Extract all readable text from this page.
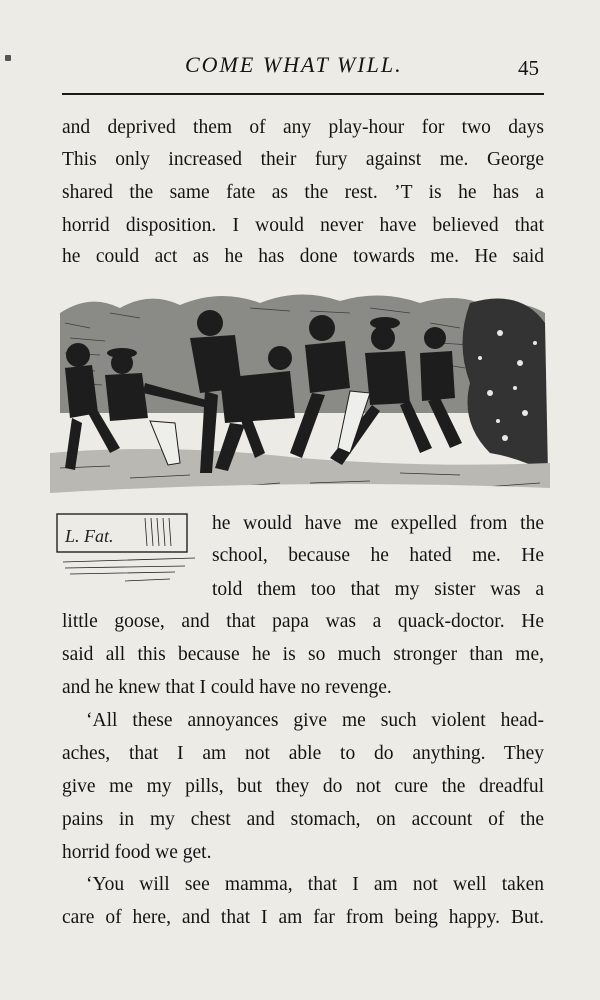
COME WHAT WILL.	45
and deprived them of any play-hour for two days
This only increased their fury against me. George
shared the same fate as the rest. ’T is he has a
horrid disposition. I would never have believed that
he could act as he has done towards me. He said
L. Fat.
he would have me expelled from the
school, because he hated me. He
told them too that my sister was a
little goose, and that papa was a quack-doctor. He
said all this because he is so much stronger than me,
and he knew that I could have no revenge.
‘All these annoyances give me such violent head-
aches, that I am not able to do anything. They
give me my pills, but they do not cure the dreadful
pains in my chest and stomach, on account of the
horrid food we get.
‘You will see mamma, that I am not well taken
care of here, and that I am far from being happy. But.
